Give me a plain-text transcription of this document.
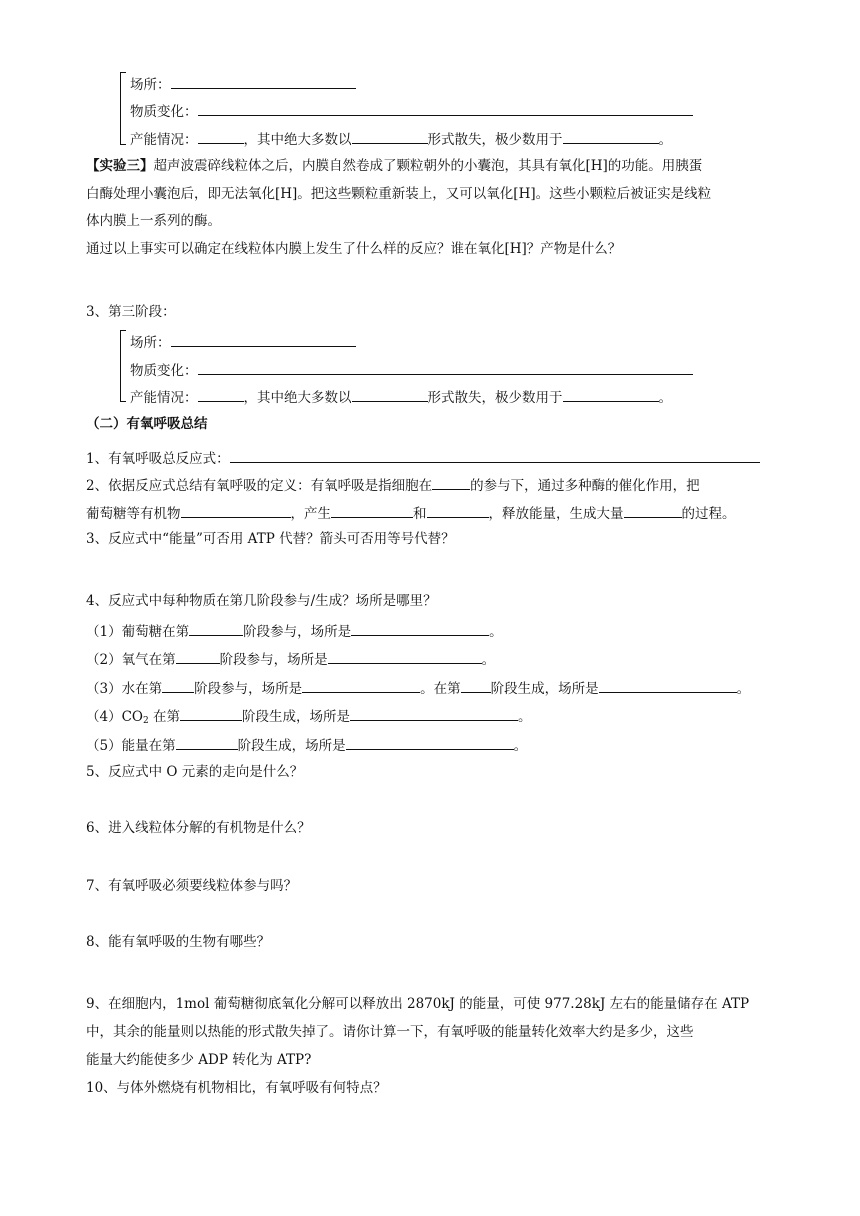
场所：
物质变化：
产能情况：	，其中绝大多数以	形式散失，极少数用于	。
【实验三】超声波震碎线粒体之后，内膜自然卷成了颗粒朝外的小囊泡，其具有氧化[H]的功能。用胰蛋
白酶处理小囊泡后，即无法氧化[H]。把这些颗粒重新装上，又可以氧化[H]。这些小颗粒后被证实是线粒
体内膜上一系列的酶。
通过以上事实可以确定在线粒体内膜上发生了什么样的反应？谁在氧化[H]？产物是什么？
3、第三阶段：
场所：
物质变化：
产能情况：	，其中绝大多数以	形式散失，极少数用于	。
（二）有氧呼吸总结
1、有氧呼吸总反应式：
2、依据反应式总结有氧呼吸的定义：有氧呼吸是指细胞在	的参与下，通过多种酶的催化作用，把
葡萄糖等有机物	，产生	和	，释放能量，生成大量	的过程。
3、反应式中“能量”可否用 ATP 代替？箭头可否用等号代替？
4、反应式中每种物质在第几阶段参与/生成？场所是哪里？
（1）葡萄糖在第	阶段参与，场所是	。
（2）氧气在第	阶段参与，场所是	。
（3）水在第 阶段参与，场所是	。在第 阶段生成，场所是	。
$(4)CO_2$ 在第	阶段生成，场所是	。
（5）能量在第	阶段生成，场所是	。
5、反应式中 O 元素的走向是什么？
6、进入线粒体分解的有机物是什么？
7、有氧呼吸必须要线粒体参与吗？
8、能有氧呼吸的生物有哪些？
9、在细胞内，1mol 葡萄糖彻底氧化分解可以释放出 2870kJ 的能量，可使 977.28kJ 左右的能量储存在 ATP
中，其余的能量则以热能的形式散失掉了。请你计算一下，有氧呼吸的能量转化效率大约是多少，这些
能量大约能使多少 ADP 转化为 ATP?
10、与体外燃烧有机物相比，有氧呼吸有何特点？
